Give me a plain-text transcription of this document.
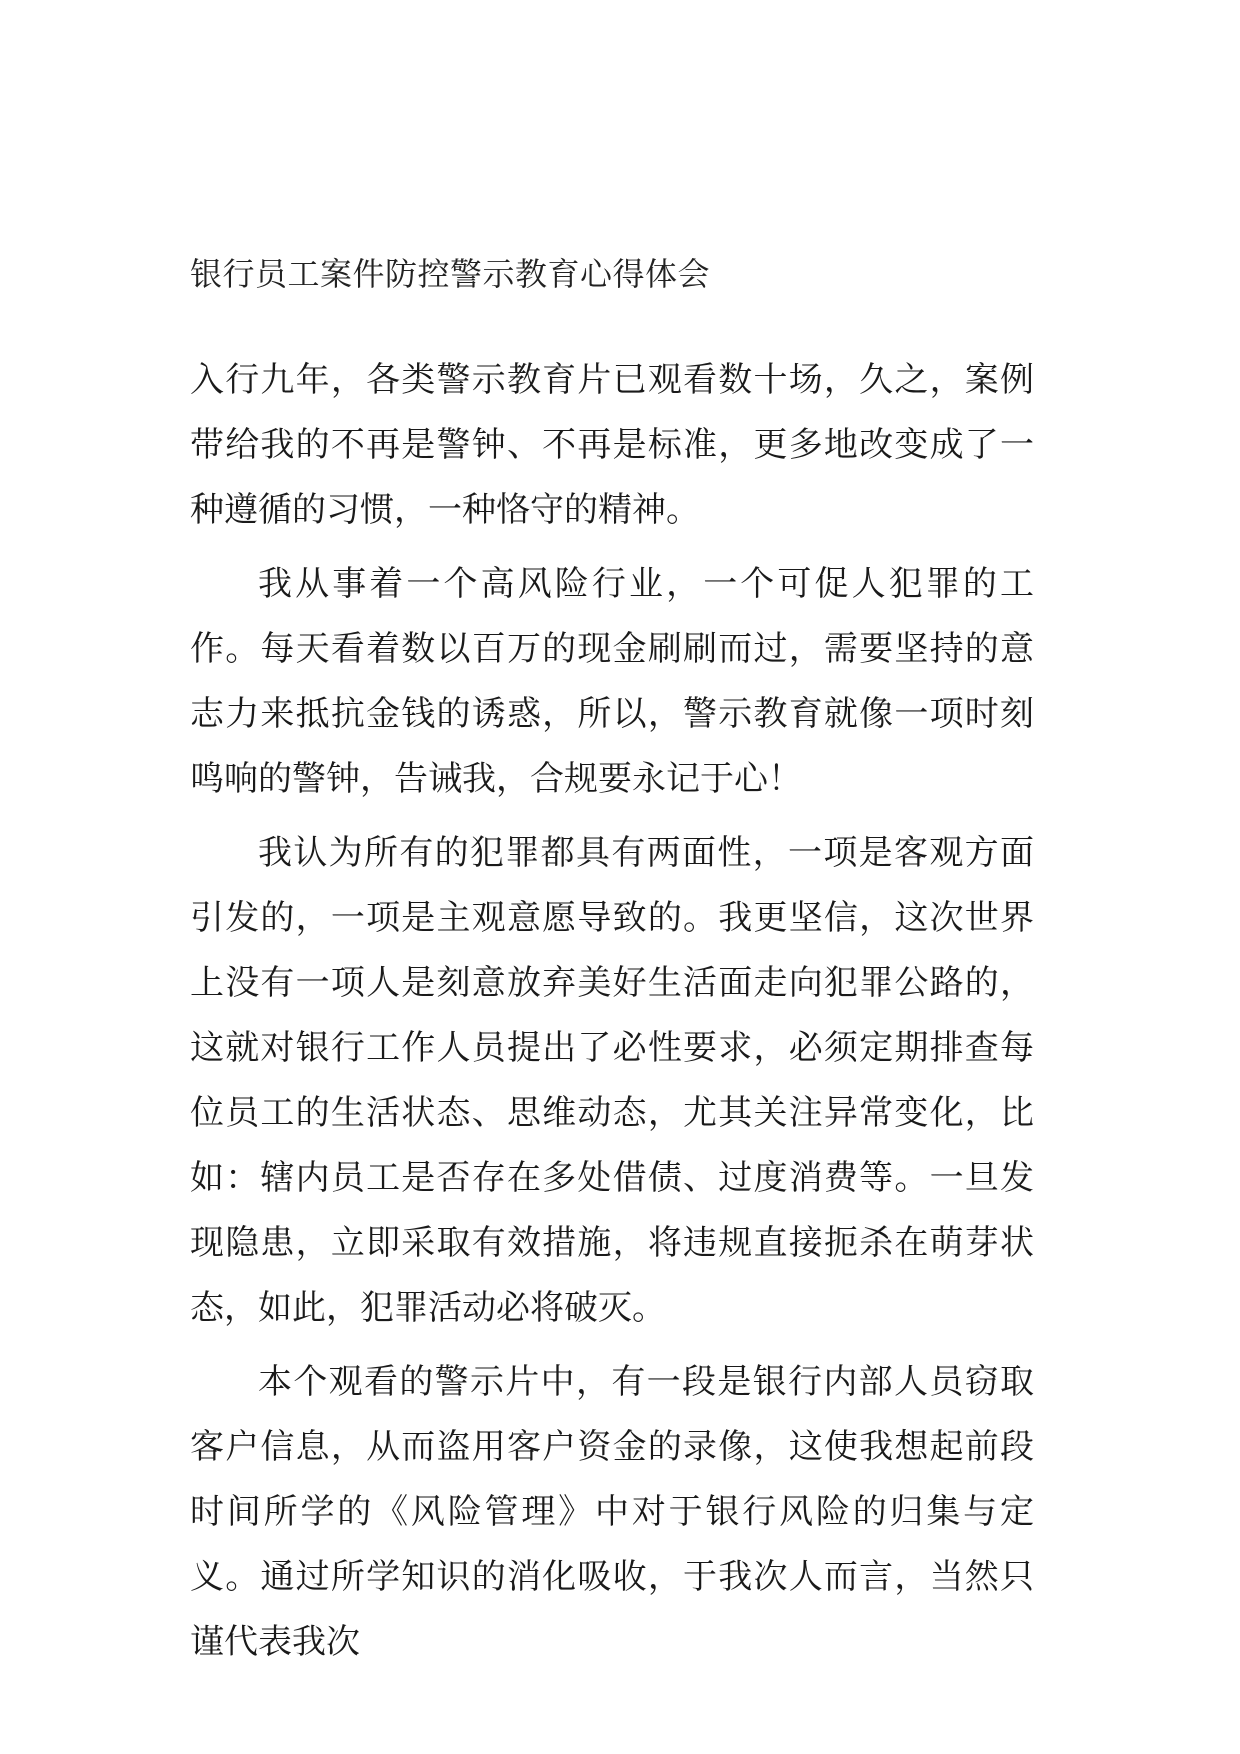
银行员工案件防控警示教育心得体会

入行九年，各类警示教育片已观看数十场，久之，案例带给我的不再是警钟、不再是标准，更多地改变成了一种遵循的习惯，一种恪守的精神。

我从事着一个高风险行业，一个可促人犯罪的工作。每天看着数以百万的现金刷刷而过，需要坚持的意志力来抵抗金钱的诱惑，所以，警示教育就像一项时刻鸣响的警钟，告诫我，合规要永记于心！

我认为所有的犯罪都具有两面性，一项是客观方面引发的，一项是主观意愿导致的。我更坚信，这次世界上没有一项人是刻意放弃美好生活面走向犯罪公路的，这就对银行工作人员提出了必性要求，必须定期排查每位员工的生活状态、思维动态，尤其关注异常变化，比如：辖内员工是否存在多处借债、过度消费等。一旦发现隐患，立即采取有效措施，将违规直接扼杀在萌芽状态，如此，犯罪活动必将破灭。

本个观看的警示片中，有一段是银行内部人员窃取客户信息，从而盗用客户资金的录像，这使我想起前段时间所学的《风险管理》中对于银行风险的归集与定义。通过所学知识的消化吸收，于我次人而言，当然只谨代表我次
